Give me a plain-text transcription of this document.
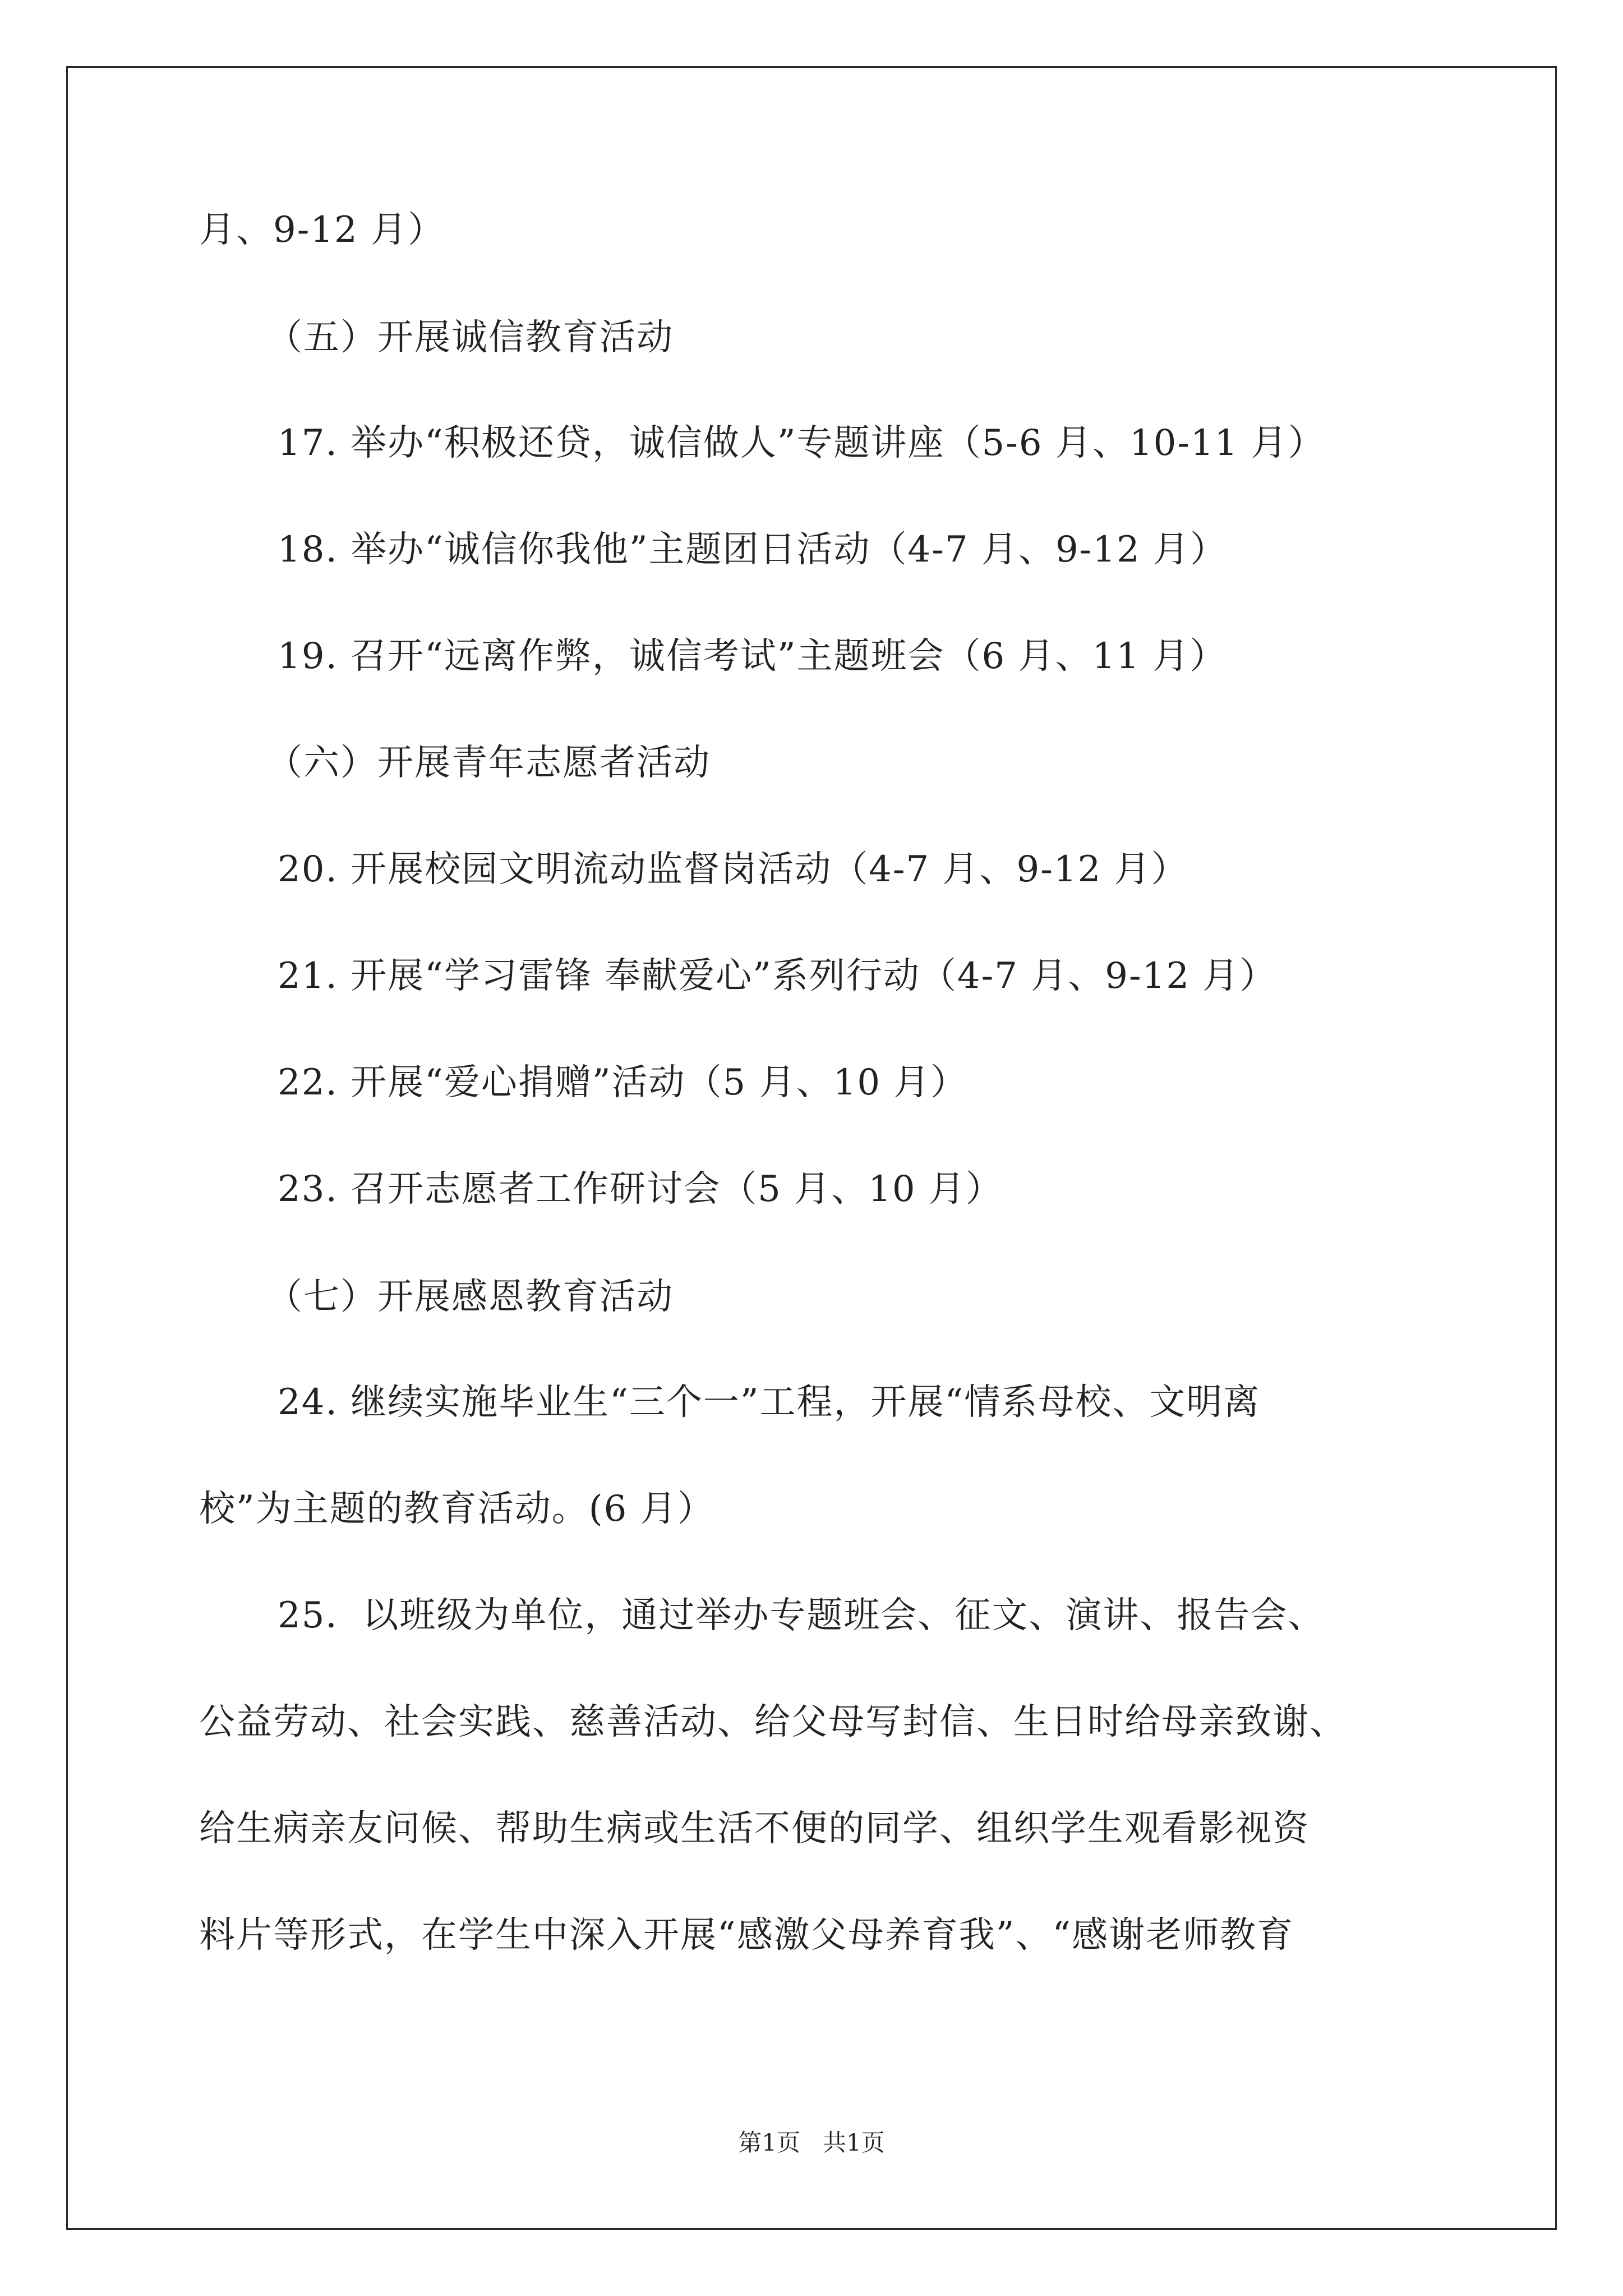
月、9-12 月）
（五）开展诚信教育活动
17. 举办“积极还贷，诚信做人”专题讲座（5-6 月、10-11 月）
18. 举办“诚信你我他”主题团日活动（4-7 月、9-12 月）
19. 召开“远离作弊，诚信考试”主题班会（6 月、11 月）
（六）开展青年志愿者活动
20. 开展校园文明流动监督岗活动（4-7 月、9-12 月）
21. 开展“学习雷锋 奉献爱心”系列行动（4-7 月、9-12 月）
22. 开展“爱心捐赠”活动（5 月、10 月）
23. 召开志愿者工作研讨会（5 月、10 月）
（七）开展感恩教育活动
24. 继续实施毕业生“三个一”工程，开展“情系母校、文明离
校”为主题的教育活动。(6 月）
25．以班级为单位，通过举办专题班会、征文、演讲、报告会、
公益劳动、社会实践、慈善活动、给父母写封信、生日时给母亲致谢、
给生病亲友问候、帮助生病或生活不便的同学、组织学生观看影视资
料片等形式，在学生中深入开展“感激父母养育我”、“感谢老师教育
第1页   共1页
